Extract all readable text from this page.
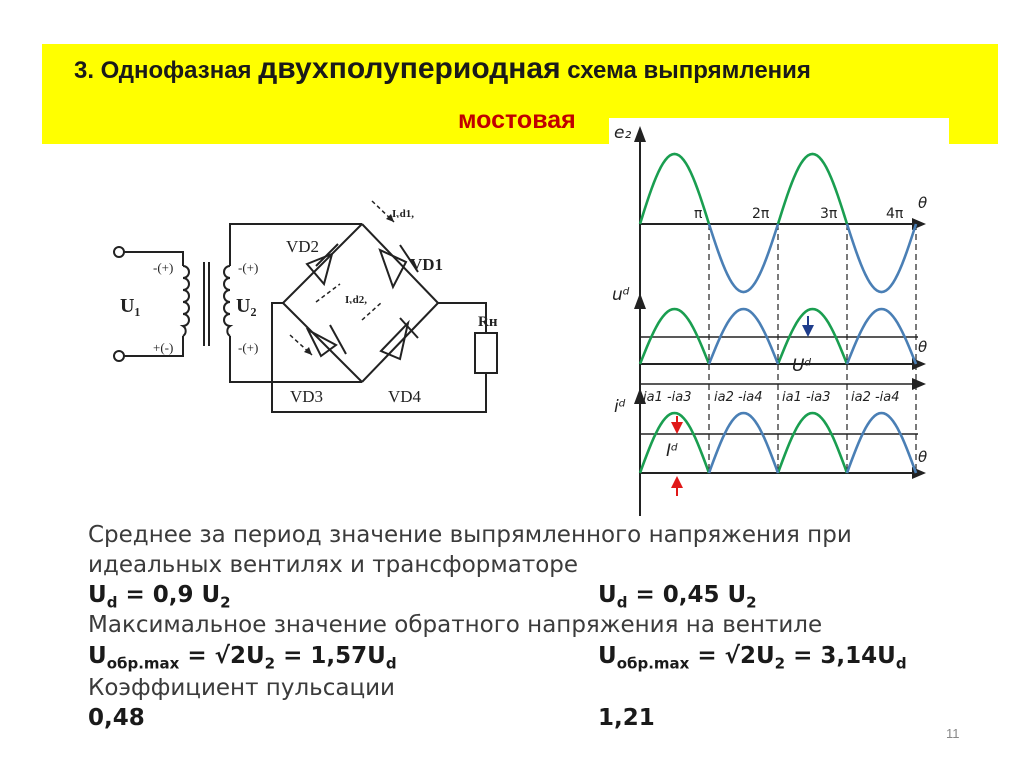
3. Однофазная двухполупериодная схема выпрямления
мостовая
-(+)
+(-)
-(+)
-(+)
U₁	U₂
VD2
VD1
VD3	VD4
Iᵥd1,
Iᵥd2,
Rн
e₂
uᵈ
iᵈ
θ
θ
θ
π	2π	3π	4π
Uᵈ
Iᵈ
iа1 -iа3 iа2 -iа4 iа1 -iа3 iа2 -iа4
Среднее за период значение выпрямленного напряжения при
идеальных вентилях и трансформаторе
$U_d = 0,9$ $U_2$	$U_d = 0,45$ $U_2$
Максимальное значение обратного напряжения на вентиле
$U_{обр.max} = √2U_2 = 1,57U_d$	$U_{обр.max} = √2U_2 = 3,14U_d$
Коэффициент пульсации
0,48	1,21
11
